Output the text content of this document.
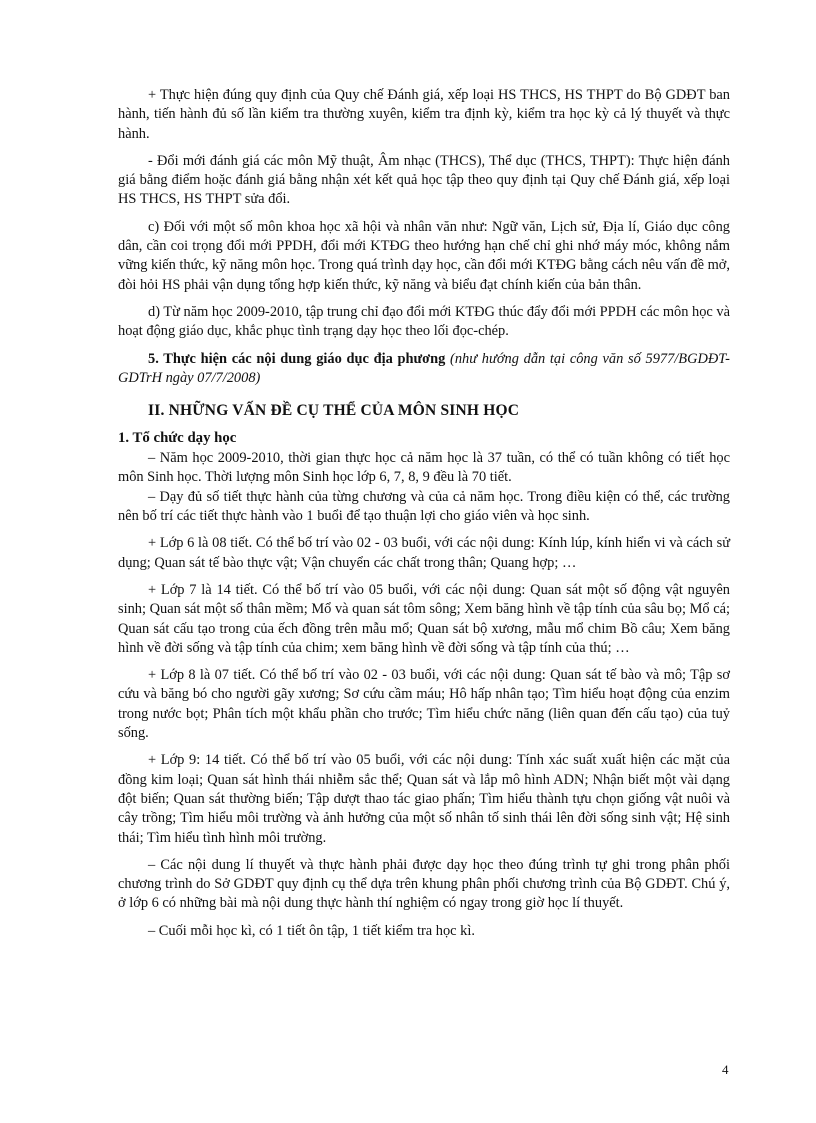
+ Thực hiện đúng quy định của Quy chế Đánh giá, xếp loại HS THCS, HS THPT do Bộ GDĐT ban hành, tiến hành đủ số lần kiểm tra thường xuyên, kiểm tra định kỳ, kiểm tra học kỳ cả lý thuyết và thực hành.

- Đổi mới đánh giá các môn Mỹ thuật, Âm nhạc (THCS), Thể dục (THCS, THPT): Thực hiện đánh giá bằng điểm hoặc đánh giá bằng nhận xét kết quả học tập theo quy định tại Quy chế Đánh giá, xếp loại HS THCS, HS THPT sửa đổi.

c) Đối với một số môn khoa học xã hội và nhân văn như: Ngữ văn, Lịch sử, Địa lí, Giáo dục công dân, cần coi trọng đổi mới PPDH, đổi mới KTĐG theo hướng hạn chế chỉ ghi nhớ máy móc, không nắm vững kiến thức, kỹ năng môn học. Trong quá trình dạy học, cần đổi mới KTĐG bằng cách nêu vấn đề mở, đòi hỏi HS phải vận dụng tổng hợp kiến thức, kỹ năng và biểu đạt chính kiến của bản thân.

d) Từ năm học 2009-2010, tập trung chỉ đạo đổi mới KTĐG thúc đẩy đổi mới PPDH các môn học và hoạt động giáo dục, khắc phục tình trạng dạy học theo lối đọc-chép.

5. Thực hiện các nội dung giáo dục địa phương (như hướng dẫn tại công văn số 5977/BGDĐT-GDTrH ngày 07/7/2008)

II. NHỮNG VẤN ĐỀ CỤ THỂ CỦA MÔN SINH HỌC
1. Tổ chức dạy học

– Năm học 2009-2010, thời gian thực học cả năm học là 37 tuần, có thể có tuần không có tiết học môn Sinh học. Thời lượng môn Sinh học lớp 6, 7, 8, 9 đều là 70 tiết.

– Dạy đủ số tiết thực hành của từng chương và của cả năm học. Trong điều kiện có thể, các trường nên bố trí các tiết thực hành vào 1 buổi để tạo thuận lợi cho giáo viên và học sinh.

+ Lớp 6 là 08 tiết. Có thể bố trí vào 02 - 03 buổi, với các nội dung: Kính lúp, kính hiển vi và cách sử dụng; Quan sát tế bào thực vật; Vận chuyển các chất trong thân; Quang hợp; …

+ Lớp 7 là 14 tiết. Có thể bố trí vào 05 buổi, với các nội dung: Quan sát một số động vật nguyên sinh; Quan sát một số thân mềm; Mổ và quan sát tôm sông; Xem băng hình về tập tính của sâu bọ; Mổ cá; Quan sát cấu tạo trong của ếch đồng trên mẫu mổ; Quan sát bộ xương, mẫu mổ chim Bồ câu; Xem băng hình về đời sống và tập tính của chim; xem băng hình về đời sống và tập tính của thú; …

+ Lớp 8 là 07 tiết. Có thể bố trí vào 02 - 03 buổi, với các nội dung: Quan sát tế bào và mô; Tập sơ cứu và băng bó cho người gãy xương; Sơ cứu cầm máu; Hô hấp nhân tạo; Tìm hiểu hoạt động của enzim trong nước bọt; Phân tích một khẩu phần cho trước; Tìm hiểu chức năng (liên quan đến cấu tạo) của tuỷ sống.

+ Lớp 9: 14 tiết. Có thể bố trí vào 05 buổi, với các nội dung: Tính xác suất xuất hiện các mặt của đồng kim loại; Quan sát hình thái nhiễm sắc thể; Quan sát và lắp mô hình ADN; Nhận biết một vài dạng đột biến; Quan sát thường biến; Tập dượt thao tác giao phấn; Tìm hiểu thành tựu chọn giống vật nuôi và cây trồng; Tìm hiểu môi trường và ảnh hưởng của một số nhân tố sinh thái lên đời sống sinh vật; Hệ sinh thái; Tìm hiểu tình hình môi trường.

– Các nội dung lí thuyết và thực hành phải được dạy học theo đúng trình tự ghi trong phân phối chương trình do Sở GDĐT quy định cụ thể dựa trên khung phân phối chương trình của Bộ GDĐT. Chú ý, ở lớp 6 có những bài mà nội dung thực hành thí nghiệm có ngay trong giờ học lí thuyết.

– Cuối mỗi học kì, có 1 tiết ôn tập, 1 tiết kiểm tra học kì.

4
